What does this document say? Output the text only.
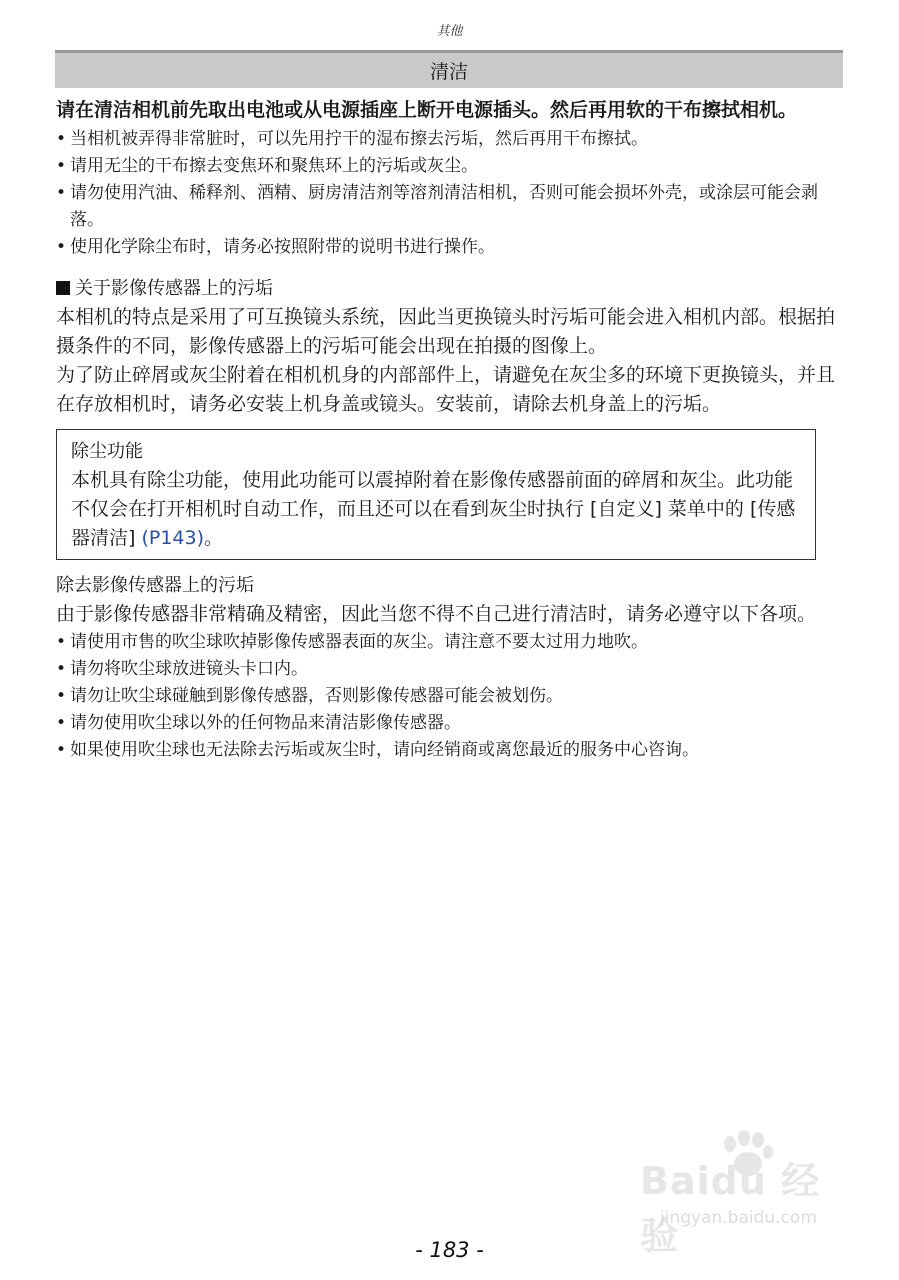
其他
清洁

请在清洁相机前先取出电池或从电源插座上断开电源插头。然后再用软的干布擦拭相机。

• 当相机被弄得非常脏时，可以先用拧干的湿布擦去污垢，然后再用干布擦拭。
• 请用无尘的干布擦去变焦环和聚焦环上的污垢或灰尘。
• 请勿使用汽油、稀释剂、酒精、厨房清洁剂等溶剂清洁相机，否则可能会损坏外壳，或涂层可能会剥落。
• 使用化学除尘布时，请务必按照附带的说明书进行操作。
关于影像传感器上的污垢

本相机的特点是采用了可互换镜头系统，因此当更换镜头时污垢可能会进入相机内部。根据拍摄条件的不同，影像传感器上的污垢可能会出现在拍摄的图像上。

为了防止碎屑或灰尘附着在相机机身的内部部件上，请避免在灰尘多的环境下更换镜头，并且在存放相机时，请务必安装上机身盖或镜头。安装前，请除去机身盖上的污垢。

除尘功能

本机具有除尘功能，使用此功能可以震掉附着在影像传感器前面的碎屑和灰尘。此功能不仅会在打开相机时自动工作，而且还可以在看到灰尘时执行 [自定义] 菜单中的 [传感器清洁] (P143)。

除去影像传感器上的污垢

由于影像传感器非常精确及精密，因此当您不得不自己进行清洁时，请务必遵守以下各项。

• 请使用市售的吹尘球吹掉影像传感器表面的灰尘。请注意不要太过用力地吹。
• 请勿将吹尘球放进镜头卡口内。
• 请勿让吹尘球碰触到影像传感器，否则影像传感器可能会被划伤。
• 请勿使用吹尘球以外的任何物品来清洁影像传感器。
• 如果使用吹尘球也无法除去污垢或灰尘时，请向经销商或离您最近的服务中心咨询。
Baidu 经验
jingyan.baidu.com
- 183 -
